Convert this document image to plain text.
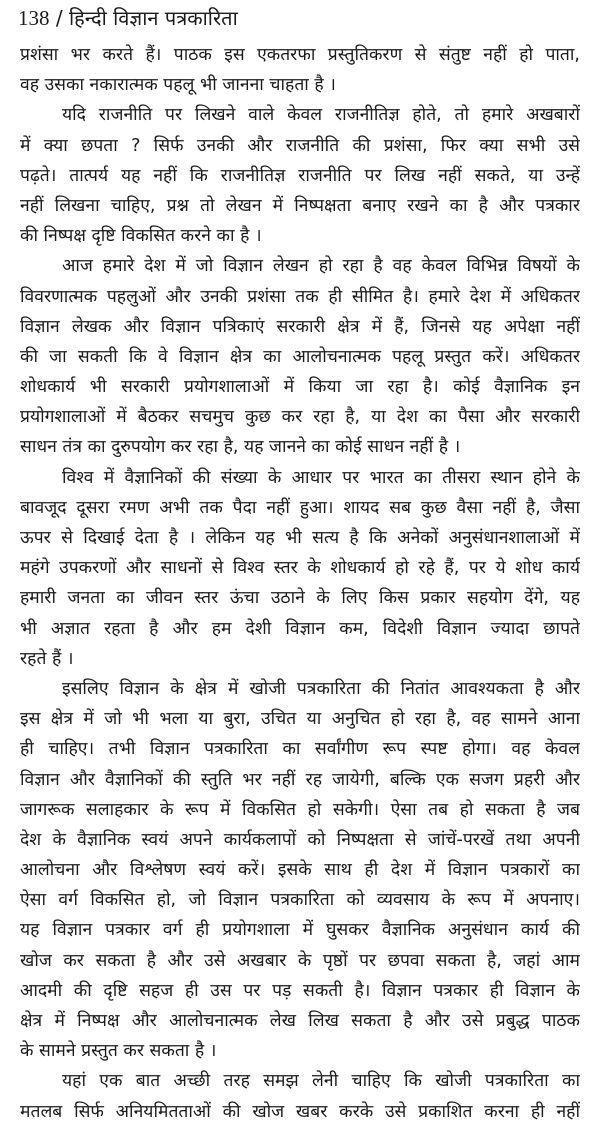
138 / हिन्दी विज्ञान पत्रकारिता
प्रशंसा भर करते हैं। पाठक इस एकतरफा प्रस्तुतिकरण से संतुष्ट नहीं हो पाता,
वह उसका नकारात्मक पहलू भी जानना चाहता है ।
यदि राजनीति पर लिखने वाले केवल राजनीतिज्ञ होते, तो हमारे अखबारों
में क्या छपता ? सिर्फ उनकी और राजनीति की प्रशंसा, फिर क्या सभी उसे
पढ़ते। तात्पर्य यह नहीं कि राजनीतिज्ञ राजनीति पर लिख नहीं सकते, या उन्हें
नहीं लिखना चाहिए, प्रश्न तो लेखन में निष्पक्षता बनाए रखने का है और पत्रकार
की निष्पक्ष दृष्टि विकसित करने का है ।
आज हमारे देश में जो विज्ञान लेखन हो रहा है वह केवल विभिन्न विषयों के
विवरणात्मक पहलुओं और उनकी प्रशंसा तक ही सीमित है। हमारे देश में अधिकतर
विज्ञान लेखक और विज्ञान पत्रिकाएं सरकारी क्षेत्र में हैं, जिनसे यह अपेक्षा नहीं
की जा सकती कि वे विज्ञान क्षेत्र का आलोचनात्मक पहलू प्रस्तुत करें। अधिकतर
शोधकार्य भी सरकारी प्रयोगशालाओं में किया जा रहा है। कोई वैज्ञानिक इन
प्रयोगशालाओं में बैठकर सचमुच कुछ कर रहा है, या देश का पैसा और सरकारी
साधन तंत्र का दुरुपयोग कर रहा है, यह जानने का कोई साधन नहीं है ।
विश्व में वैज्ञानिकों की संख्या के आधार पर भारत का तीसरा स्थान होने के
बावजूद दूसरा रमण अभी तक पैदा नहीं हुआ। शायद सब कुछ वैसा नहीं है, जैसा
ऊपर से दिखाई देता है । लेकिन यह भी सत्य है कि अनेकों अनुसंधानशालाओं में
महंगे उपकरणों और साधनों से विश्व स्तर के शोधकार्य हो रहे हैं, पर ये शोध कार्य
हमारी जनता का जीवन स्तर ऊंचा उठाने के लिए किस प्रकार सहयोग देंगे, यह
भी अज्ञात रहता है और हम देशी विज्ञान कम, विदेशी विज्ञान ज्यादा छापते
रहते हैं ।
इसलिए विज्ञान के क्षेत्र में खोजी पत्रकारिता की नितांत आवश्यकता है और
इस क्षेत्र में जो भी भला या बुरा, उचित या अनुचित हो रहा है, वह सामने आना
ही चाहिए। तभी विज्ञान पत्रकारिता का सर्वांगीण रूप स्पष्ट होगा। वह केवल
विज्ञान और वैज्ञानिकों की स्तुति भर नहीं रह जायेगी, बल्कि एक सजग प्रहरी और
जागरूक सलाहकार के रूप में विकसित हो सकेगी। ऐसा तब हो सकता है जब
देश के वैज्ञानिक स्वयं अपने कार्यकलापों को निष्पक्षता से जांचें-परखें तथा अपनी
आलोचना और विश्लेषण स्वयं करें। इसके साथ ही देश में विज्ञान पत्रकारों का
ऐसा वर्ग विकसित हो, जो विज्ञान पत्रकारिता को व्यवसाय के रूप में अपनाए।
यह विज्ञान पत्रकार वर्ग ही प्रयोगशाला में घुसकर वैज्ञानिक अनुसंधान कार्य की
खोज कर सकता है और उसे अखबार के पृष्ठों पर छपवा सकता है, जहां आम
आदमी की दृष्टि सहज ही उस पर पड़ सकती है। विज्ञान पत्रकार ही विज्ञान के
क्षेत्र में निष्पक्ष और आलोचनात्मक लेख लिख सकता है और उसे प्रबुद्ध पाठक
के सामने प्रस्तुत कर सकता है ।
यहां एक बात अच्छी तरह समझ लेनी चाहिए कि खोजी पत्रकारिता का
मतलब सिर्फ अनियमितताओं की खोज खबर करके उसे प्रकाशित करना ही नहीं
